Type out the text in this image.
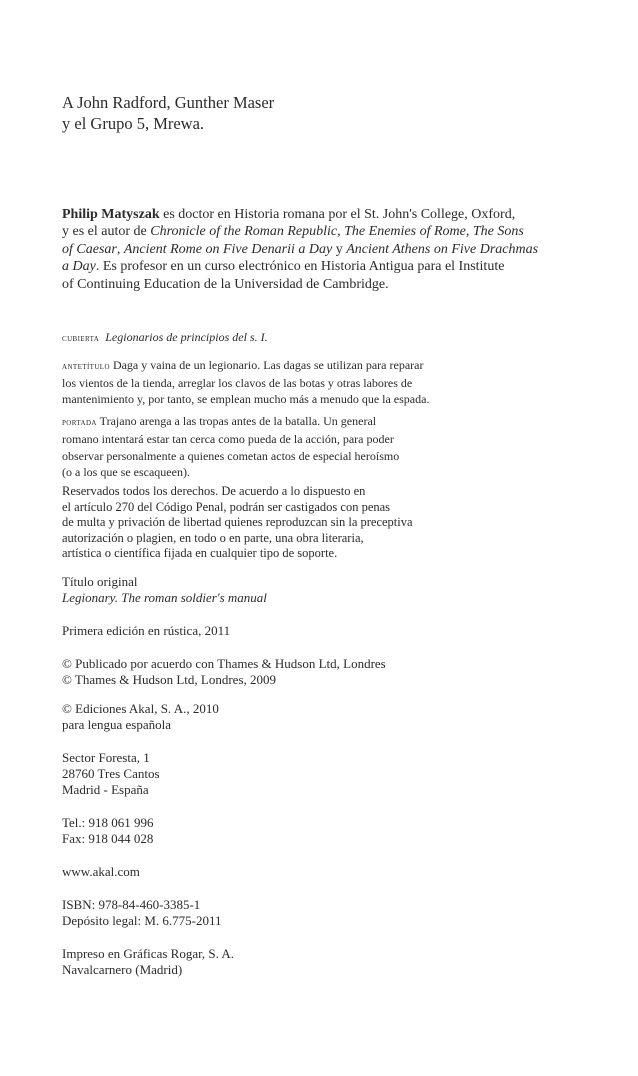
A John Radford, Gunther Maser
y el Grupo 5, Mrewa.
Philip Matyszak es doctor en Historia romana por el St. John's College, Oxford,
y es el autor de Chronicle of the Roman Republic, The Enemies of Rome, The Sons
of Caesar, Ancient Rome on Five Denarii a Day y Ancient Athens on Five Drachmas
a Day. Es profesor en un curso electrónico en Historia Antigua para el Institute
of Continuing Education de la Universidad de Cambridge.
cubierta Legionarios de principios del s. I.
antetítulo Daga y vaina de un legionario. Las dagas se utilizan para reparar
los vientos de la tienda, arreglar los clavos de las botas y otras labores de
mantenimiento y, por tanto, se emplean mucho más a menudo que la espada.
portada Trajano arenga a las tropas antes de la batalla. Un general
romano intentará estar tan cerca como pueda de la acción, para poder
observar personalmente a quienes cometan actos de especial heroísmo
(o a los que se escaqueen).
Reservados todos los derechos. De acuerdo a lo dispuesto en
el artículo 270 del Código Penal, podrán ser castigados con penas
de multa y privación de libertad quienes reproduzcan sin la preceptiva
autorización o plagien, en todo o en parte, una obra literaria,
artística o científica fijada en cualquier tipo de soporte.
Título original
Legionary. The roman soldier's manual
Primera edición en rústica, 2011
© Publicado por acuerdo con Thames & Hudson Ltd, Londres
© Thames & Hudson Ltd, Londres, 2009
© Ediciones Akal, S. A., 2010
para lengua española
Sector Foresta, 1
28760 Tres Cantos
Madrid - España
Tel.: 918 061 996
Fax: 918 044 028
www.akal.com
ISBN: 978-84-460-3385-1
Depósito legal: M. 6.775-2011
Impreso en Gráficas Rogar, S. A.
Navalcarnero (Madrid)
